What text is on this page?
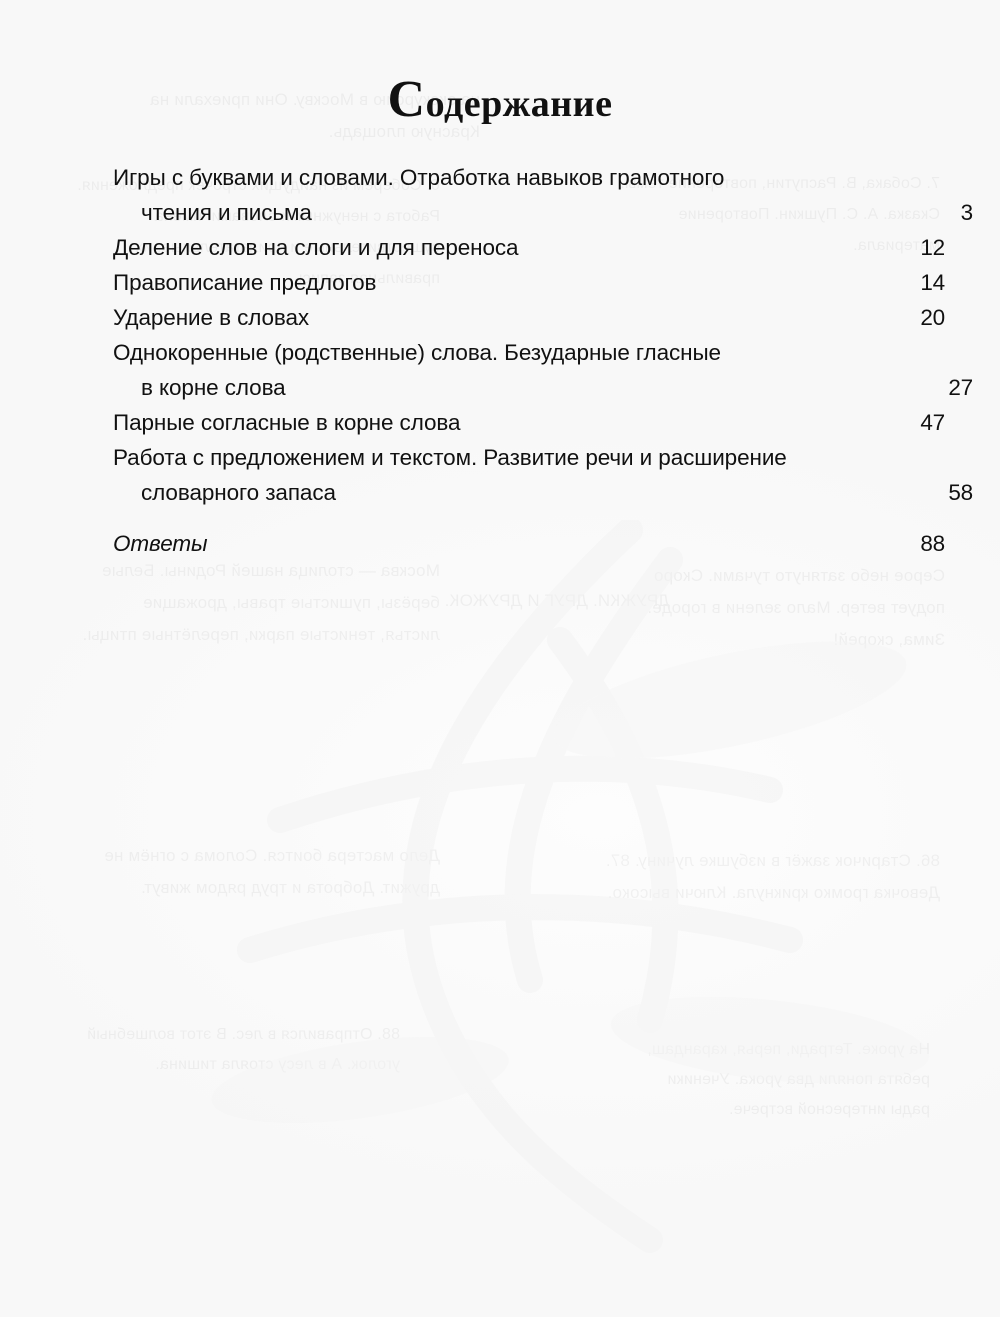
Содержание
Игры с буквами и словами. Отработка навыков грамотного
чтения и письма .....	3
Деление слов на слоги и для переноса .....	12
Правописание предлогов .....	14
Ударение в словах .....	20
Однокоренные (родственные) слова. Безударные гласные
в корне слова .....	27
Парные согласные в корне слова .....	47
Работа с предложением и текстом. Развитие речи и расширение
словарного запаса .....	58
Ответы .....	88
